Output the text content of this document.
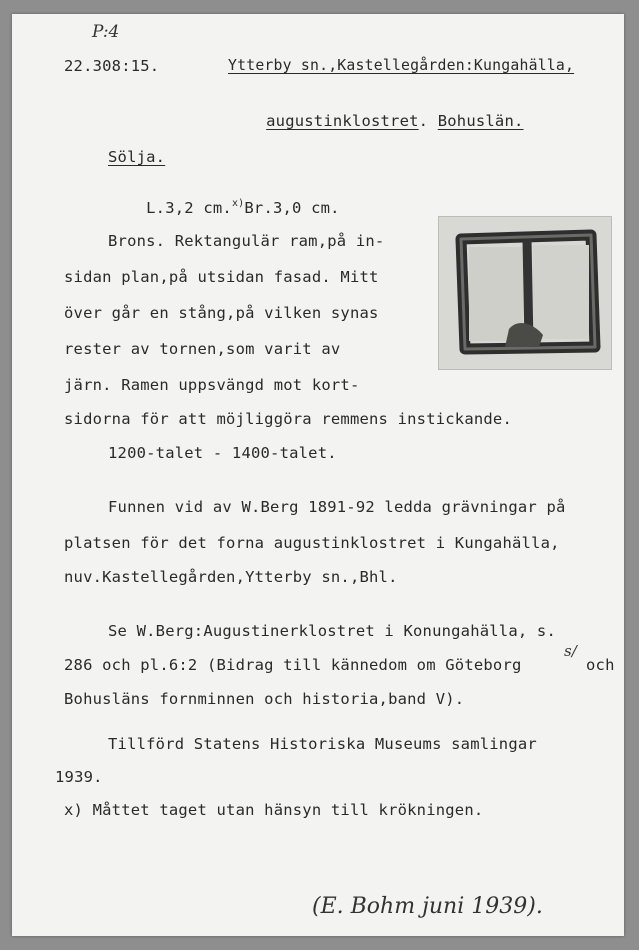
P:4
22.308:15.	Ytterby sn.,Kastellegården:Kungahälla,

augustinklostret. Bohuslän.

Sölja.

L.3,2 cm.$^{x)}$Br.3,0 cm.

Brons. Rektangulär ram,på in-
sidan plan,på utsidan fasad. Mitt
över går en stång,på vilken synas
rester av tornen,som varit av
järn. Ramen uppsvängd mot kort-
sidorna för att möjliggöra remmens instickande.
1200-talet - 1400-talet.
Funnen vid av W.Berg 1891-92 ledda grävningar på
platsen för det forna augustinklostret i Kungahälla,
nuv.Kastellegården,Ytterby sn.,Bhl.
Se W.Berg:Augustinerklostret i Konungahälla, s.
286 och pl.6:2 (Bidrag till kännedom om Göteborg
s/
och
Bohusläns fornminnen och historia,band V).
Tillförd Statens Historiska Museums samlingar
1939.
x) Måttet taget utan hänsyn till krökningen.
(E. Bohm juni 1939).
